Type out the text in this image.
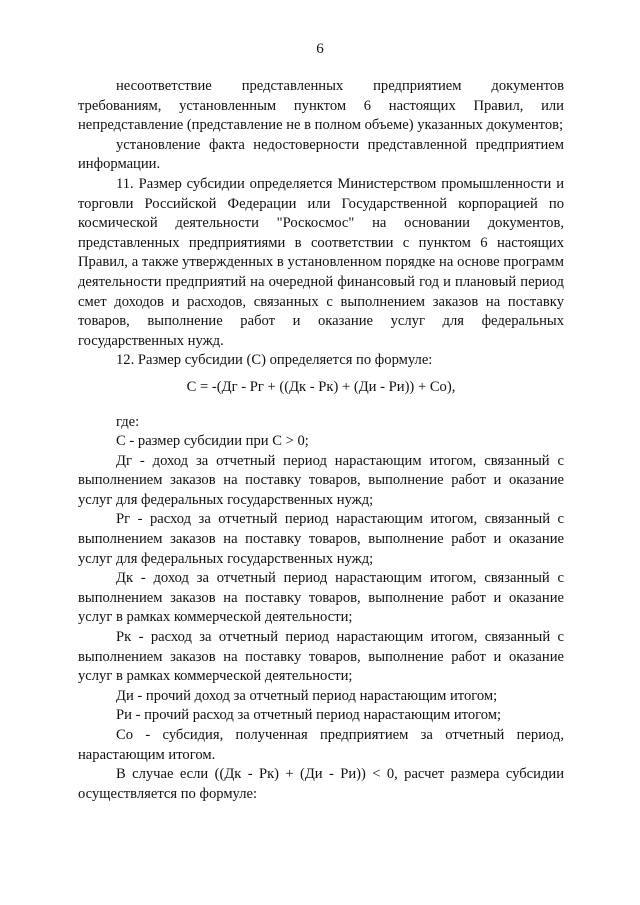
6

несоответствие представленных предприятием документов требованиям, установленным пунктом 6 настоящих Правил, или непредставление (представление не в полном объеме) указанных документов;

установление факта недостоверности представленной предприятием информации.

11. Размер субсидии определяется Министерством промышленности и торговли Российской Федерации или Государственной корпорацией по космической деятельности "Роскосмос" на основании документов, представленных предприятиями в соответствии с пунктом 6 настоящих Правил, а также утвержденных в установленном порядке на основе программ деятельности предприятий на очередной финансовый год и плановый период смет доходов и расходов, связанных с выполнением заказов на поставку товаров, выполнение работ и оказание услуг для федеральных государственных нужд.

12. Размер субсидии (С) определяется по формуле:

С = -(Дг - Рг + ((Дк - Рк) + (Ди - Ри)) + Со),

где:

С - размер субсидии при С > 0;

Дг - доход за отчетный период нарастающим итогом, связанный с выполнением заказов на поставку товаров, выполнение работ и оказание услуг для федеральных государственных нужд;

Рг - расход за отчетный период нарастающим итогом, связанный с выполнением заказов на поставку товаров, выполнение работ и оказание услуг для федеральных государственных нужд;

Дк - доход за отчетный период нарастающим итогом, связанный с выполнением заказов на поставку товаров, выполнение работ и оказание услуг в рамках коммерческой деятельности;

Рк - расход за отчетный период нарастающим итогом, связанный с выполнением заказов на поставку товаров, выполнение работ и оказание услуг в рамках коммерческой деятельности;

Ди - прочий доход за отчетный период нарастающим итогом;

Ри - прочий расход за отчетный период нарастающим итогом;

Со - субсидия, полученная предприятием за отчетный период, нарастающим итогом.

В случае если ((Дк - Рк) + (Ди - Ри)) < 0, расчет размера субсидии осуществляется по формуле:
